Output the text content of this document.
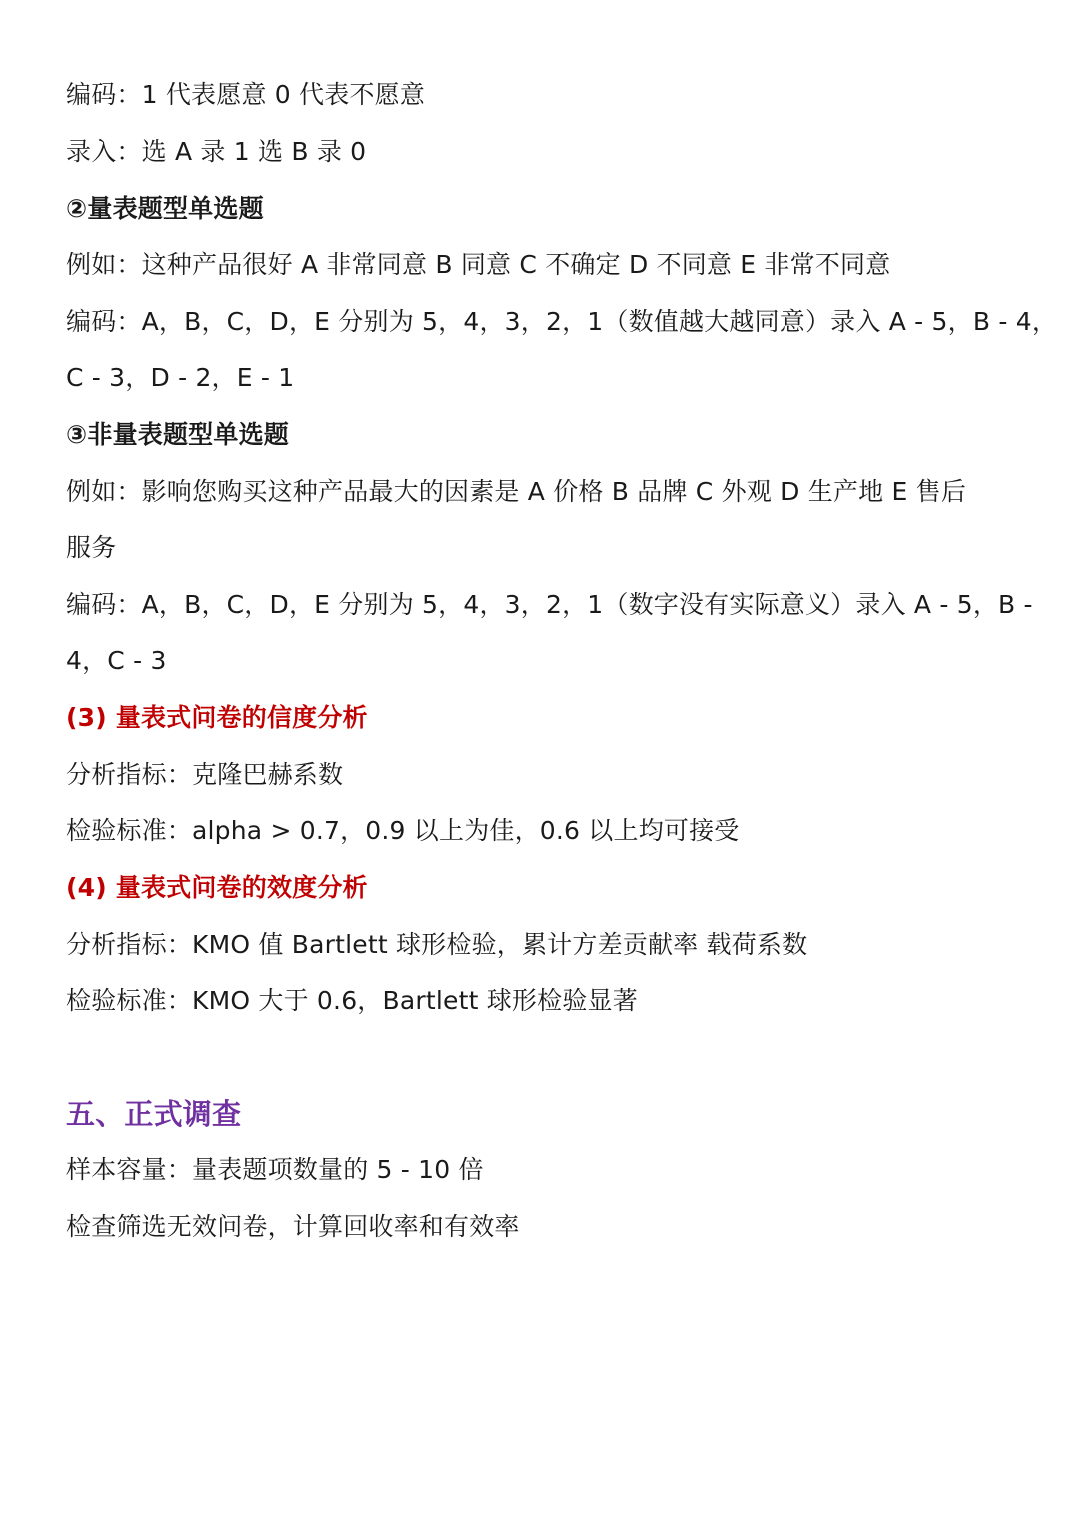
编码：1 代表愿意 0 代表不愿意
录入：选 A 录 1 选 B 录 0
②量表题型单选题
例如：这种产品很好 A 非常同意 B 同意 C 不确定 D 不同意 E 非常不同意
编码：A，B，C，D，E 分别为 5，4，3，2，1（数值越大越同意）录入 A - 5，B - 4，
C - 3，D - 2，E - 1
③非量表题型单选题
例如：影响您购买这种产品最大的因素是 A 价格 B 品牌 C 外观 D 生产地 E 售后
服务
编码：A，B，C，D，E 分别为 5，4，3，2，1（数字没有实际意义）录入 A - 5，B -
4，C - 3
(3) 量表式问卷的信度分析
分析指标：克隆巴赫系数
检验标准：alpha > 0.7，0.9 以上为佳，0.6 以上均可接受
(4) 量表式问卷的效度分析
分析指标：KMO 值 Bartlett 球形检验，累计方差贡献率 载荷系数
检验标准：KMO 大于 0.6，Bartlett 球形检验显著
五、正式调查
样本容量：量表题项数量的 5 - 10 倍
检查筛选无效问卷，计算回收率和有效率
